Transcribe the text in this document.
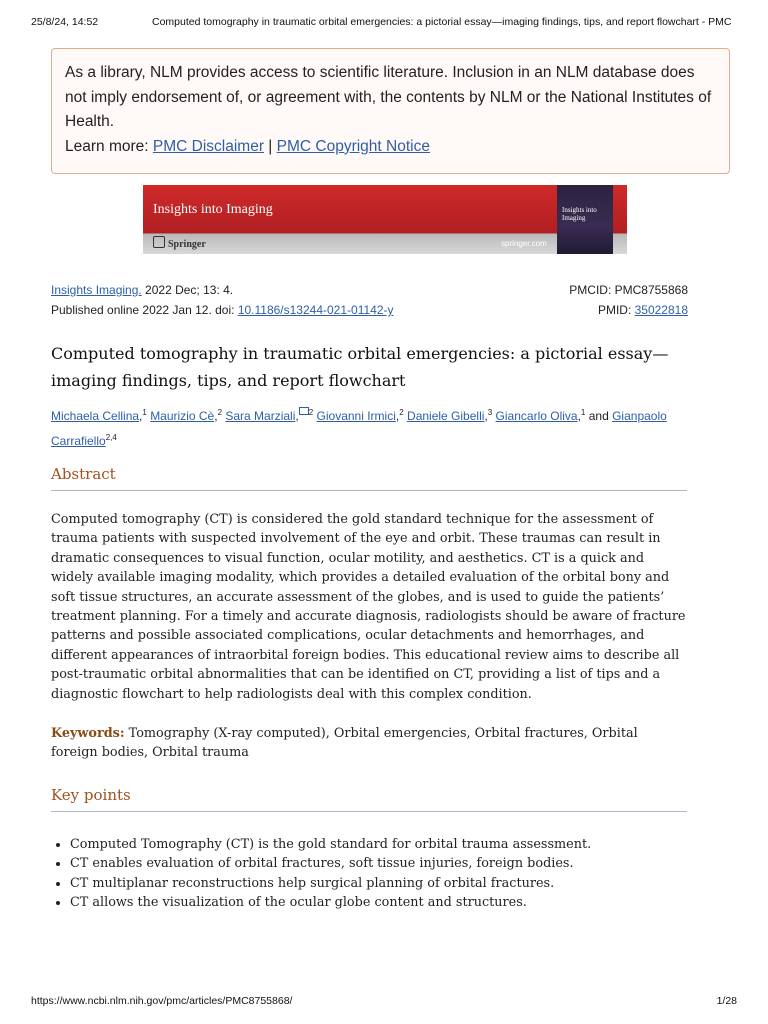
25/8/24, 14:52	Computed tomography in traumatic orbital emergencies: a pictorial essay—imaging findings, tips, and report flowchart - PMC
As a library, NLM provides access to scientific literature. Inclusion in an NLM database does not imply endorsement of, or agreement with, the contents by NLM or the National Institutes of Health.
Learn more: PMC Disclaimer | PMC Copyright Notice
Insights into Imaging
Springer	springer.com
Insights into Imaging
Insights Imaging. 2022 Dec; 13: 4.
Published online 2022 Jan 12. doi: 10.1186/s13244-021-01142-y
PMCID: PMC8755868
PMID: 35022818
Computed tomography in traumatic orbital emergencies: a pictorial essay—imaging findings, tips, and report flowchart
Michaela Cellina,$^1$ Maurizio Cè,$^2$ Sara Marziali, $^2$ Giovanni Irmici,$^2$ Daniele Gibelli,$^3$ Giancarlo Oliva,$^1$ and Gianpaolo Carrafiello$^{2,4}$
Abstract

Computed tomography (CT) is considered the gold standard technique for the assessment of trauma patients with suspected involvement of the eye and orbit. These traumas can result in dramatic consequences to visual function, ocular motility, and aesthetics. CT is a quick and widely available imaging modality, which provides a detailed evaluation of the orbital bony and soft tissue structures, an accurate assessment of the globes, and is used to guide the patients’ treatment planning. For a timely and accurate diagnosis, radiologists should be aware of fracture patterns and possible associated complications, ocular detachments and hemorrhages, and different appearances of intraorbital foreign bodies. This educational review aims to describe all post-traumatic orbital abnormalities that can be identified on CT, providing a list of tips and a diagnostic flowchart to help radiologists deal with this complex condition.

Keywords: Tomography (X-ray computed), Orbital emergencies, Orbital fractures, Orbital foreign bodies, Orbital trauma

Key points
• Computed Tomography (CT) is the gold standard for orbital trauma assessment.
• CT enables evaluation of orbital fractures, soft tissue injuries, foreign bodies.
• CT multiplanar reconstructions help surgical planning of orbital fractures.
• CT allows the visualization of the ocular globe content and structures.
https://www.ncbi.nlm.nih.gov/pmc/articles/PMC8755868/	1/28
